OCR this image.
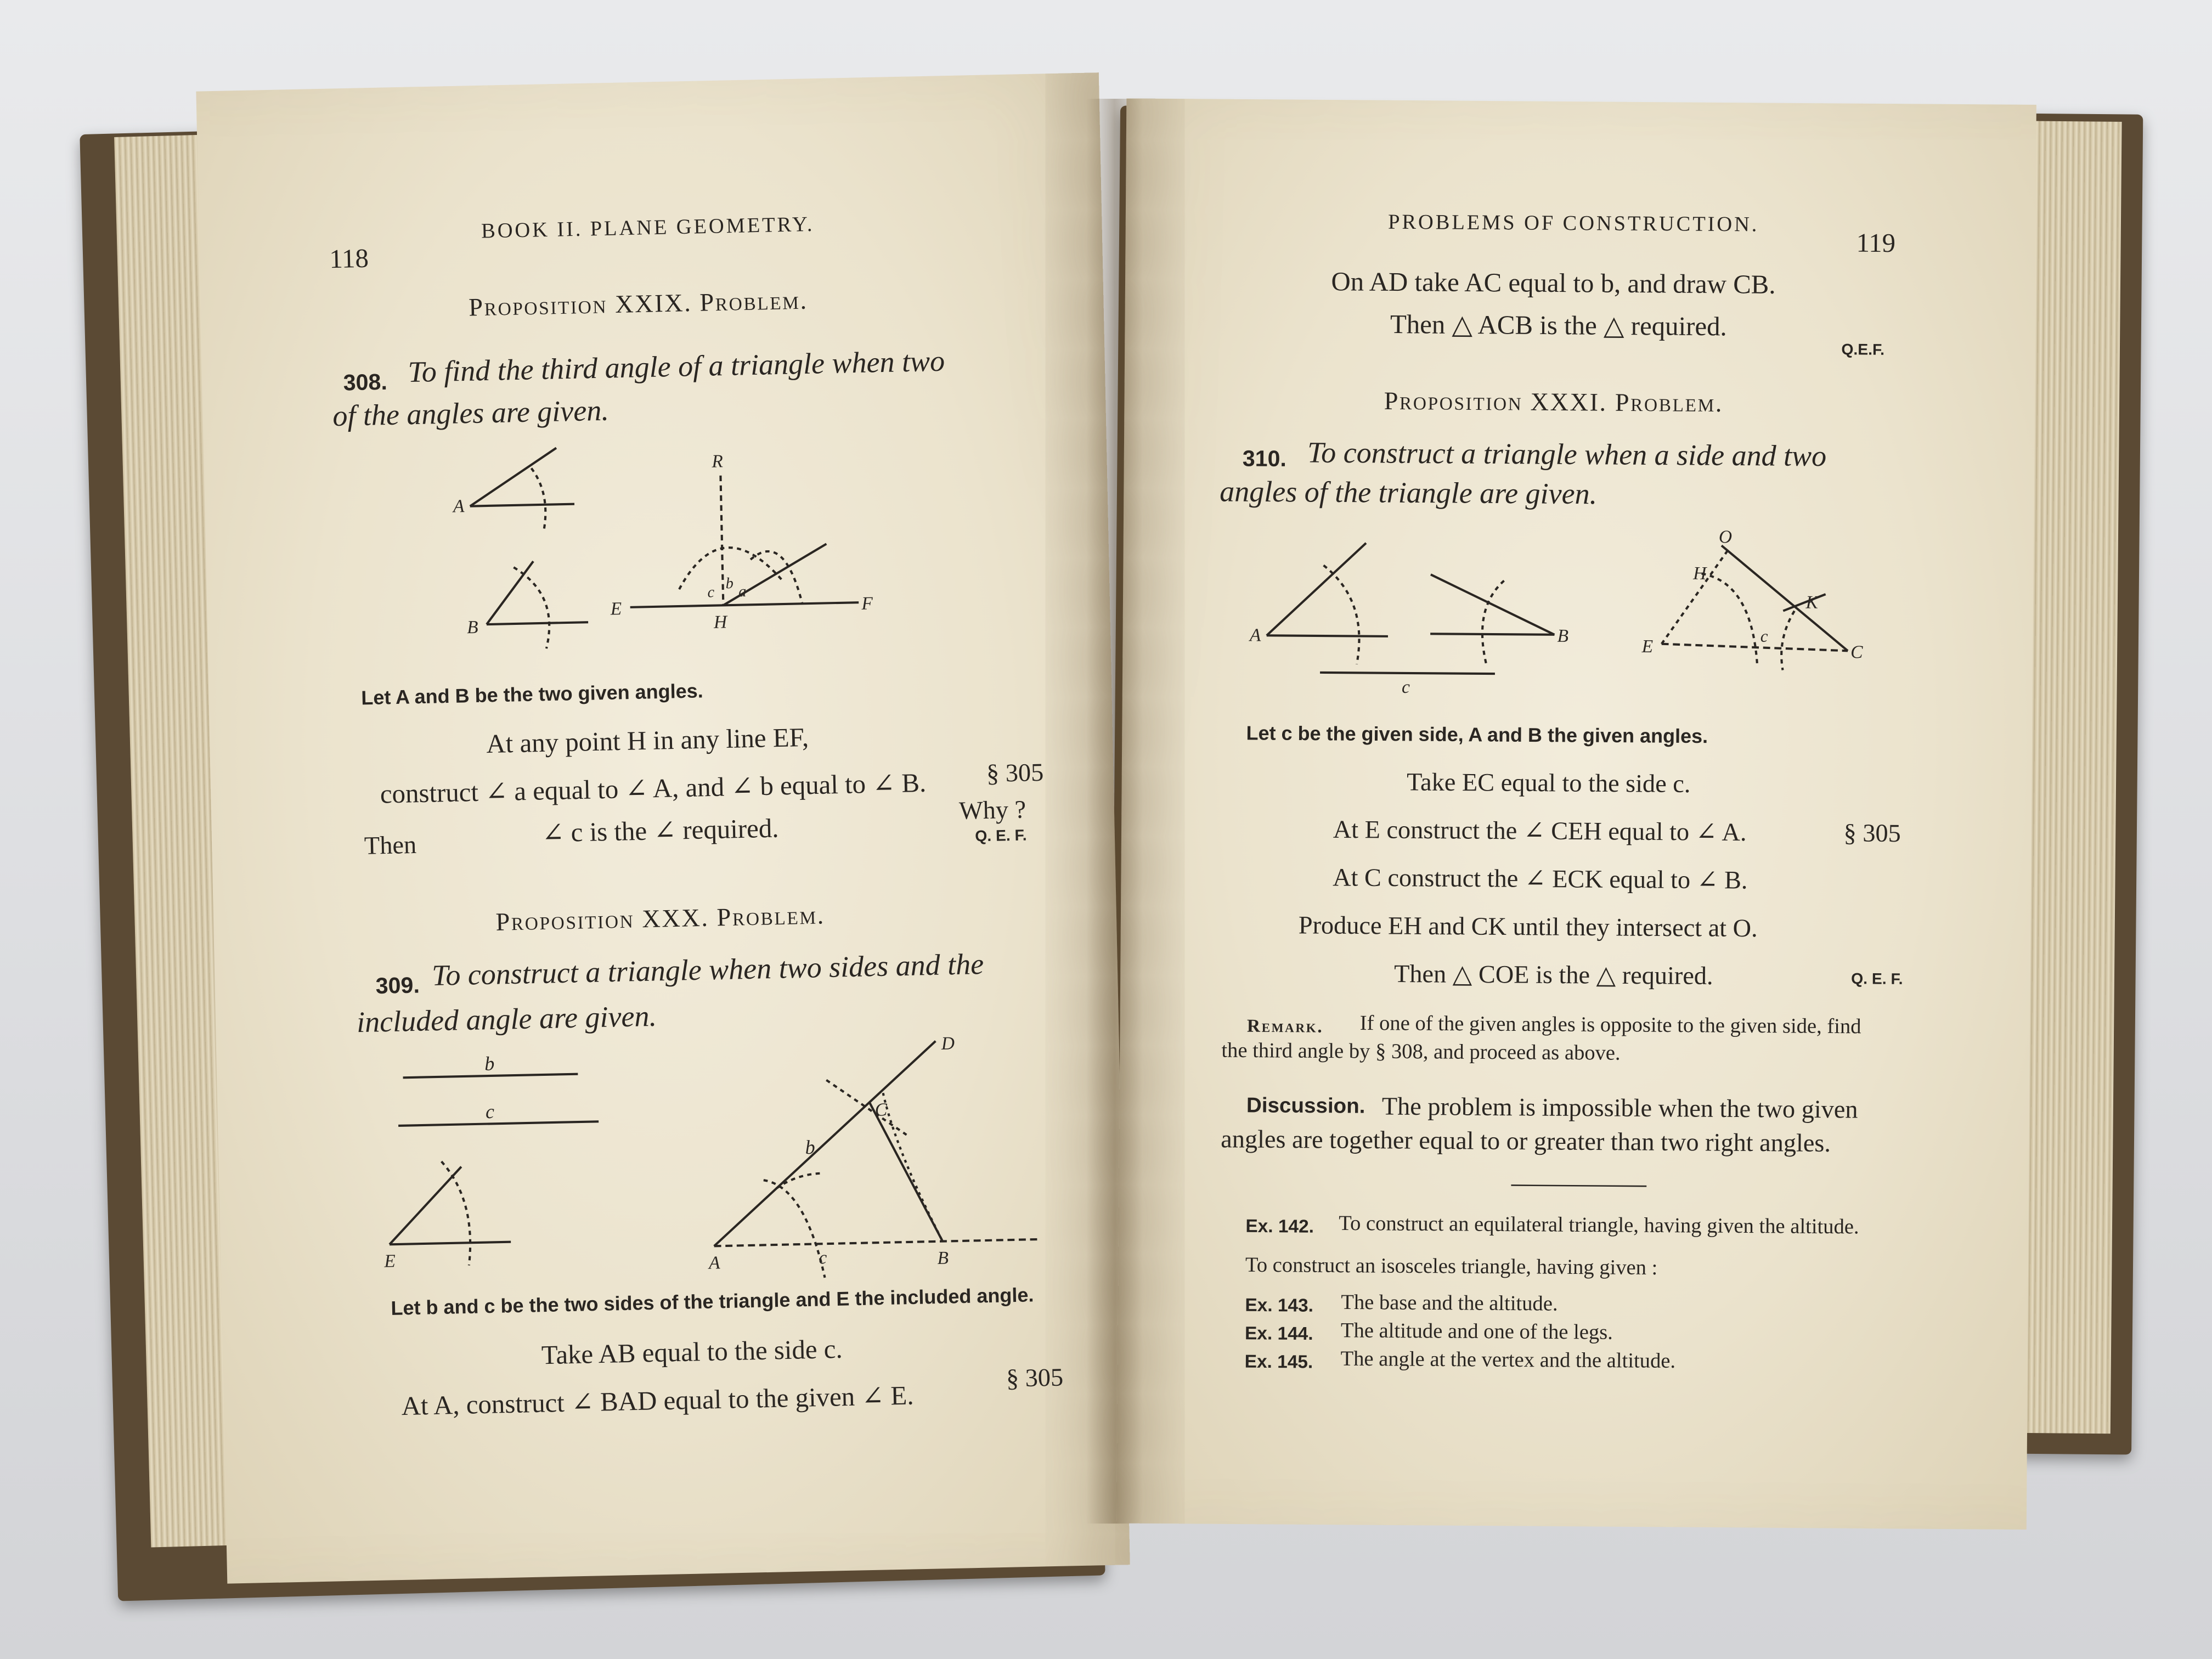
118
BOOK II. PLANE GEOMETRY.
Proposition XXIX. Problem.
308. To find the third angle of a triangle when two
of the angles are given.
A
B
R
E	F
H
c
b a
Let A and B be the two given angles.
At any point H in any line EF,
construct ∠ a equal to ∠ A, and ∠ b equal to ∠ B.	§ 305
Then	∠ c is the ∠ required.
Why ?
Q. E. F.
Proposition XXX. Problem.
309. To construct a triangle when two sides and the
included angle are given.
b
c
E	A	B
C
D
b
c
Let b and c be the two sides of the triangle and E the included angle.
Take AB equal to the side c.
At A, construct ∠ BAD equal to the given ∠ E.
§ 305
PROBLEMS OF CONSTRUCTION.
119
On AD take AC equal to b, and draw CB.
Then △ ACB is the △ required.
Q.E.F.
Proposition XXXI. Problem.
310. To construct a triangle when a side and two
angles of the triangle are given.
A	B
c
E	C
O
H
K
c
Let c be the given side, A and B the given angles.
Take EC equal to the side c.
At E construct the ∠ CEH equal to ∠ A.	§ 305
At C construct the ∠ ECK equal to ∠ B.
Produce EH and CK until they intersect at O.
Then △ COE is the △ required.	Q. E. F.
Remark.	If one of the given angles is opposite to the given side, find
the third angle by § 308, and proceed as above.
Discussion. The problem is impossible when the two given
angles are together equal to or greater than two right angles.
Ex. 142.	To construct an equilateral triangle, having given the altitude.
To construct an isosceles triangle, having given :
Ex. 143.	The base and the altitude.
Ex. 144.	The altitude and one of the legs.
Ex. 145.	The angle at the vertex and the altitude.
